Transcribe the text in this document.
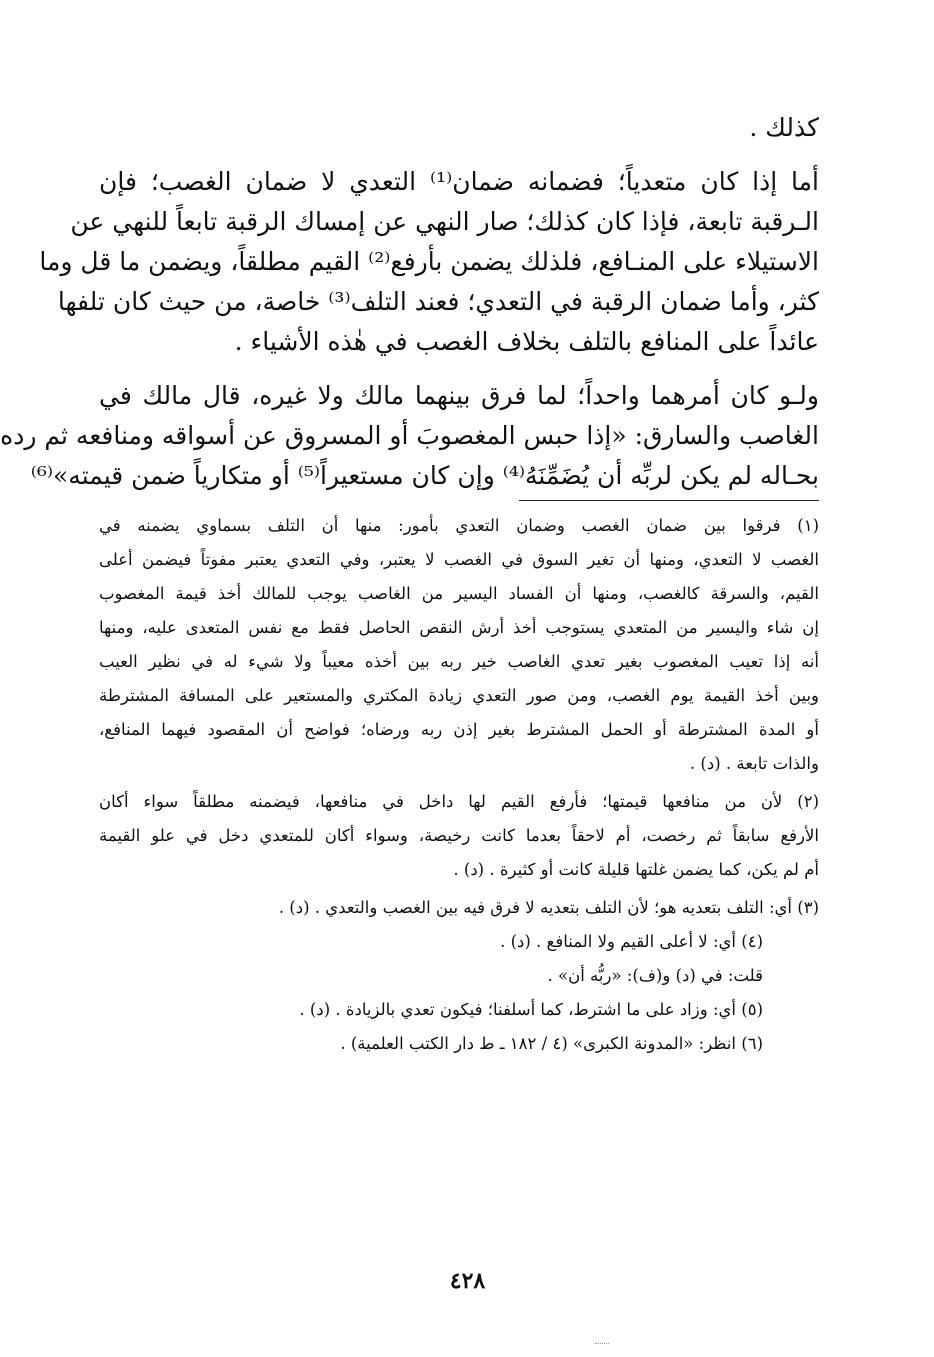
كذلك .
أما إذا كان متعدياً؛ فضمانه ضمان⁽¹⁾ التعدي لا ضمان الغصب؛ فإن
الـرقبة تابعة، فإذا كان كذلك؛ صار النهي عن إمساك الرقبة تابعاً للنهي عن
الاستيلاء على المنـافع، فلذلك يضمن بأرفع⁽²⁾ القيم مطلقاً، ويضمن ما قل وما
كثر، وأما ضمان الرقبة في التعدي؛ فعند التلف⁽³⁾ خاصة، من حيث كان تلفها
عائداً على المنافع بالتلف بخلاف الغصب في هٰذه الأشياء .
ولـو كان أمرهما واحداً؛ لما فرق بينهما مالك ولا غيره، قال مالك في
الغاصب والسارق: «إذا حبس المغصوبَ أو المسروق عن أسواقه ومنافعه ثم رده
بحـاله لم يكن لربِّه أن يُضَمِّنَهُ⁽⁴⁾ وإن كان مستعيراً⁽⁵⁾ أو متكارياً ضمن قيمته»⁽⁶⁾
(١) فرقوا بين ضمان الغصب وضمان التعدي بأمور: منها أن التلف بسماوي يضمنه في
الغصب لا التعدي، ومنها أن تغير السوق في الغصب لا يعتبر، وفي التعدي يعتبر مفوتاً فيضمن أعلى
القيم، والسرقة كالغصب، ومنها أن الفساد اليسير من الغاصب يوجب للمالك أخذ قيمة المغصوب
إن شاء واليسير من المتعدي يستوجب أخذ أرش النقص الحاصل فقط مع نفس المتعدى عليه، ومنها
أنه إذا تعيب المغصوب بغير تعدي الغاصب خير ربه بين أخذه معيباً ولا شيء له في نظير العيب
وبين أخذ القيمة يوم الغصب، ومن صور التعدي زيادة المكتري والمستعير على المسافة المشترطة
أو المدة المشترطة أو الحمل المشترط بغير إذن ربه ورضاه؛ فواضح أن المقصود فيهما المنافع،
والذات تابعة . (د) .
(٢) لأن من منافعها قيمتها؛ فأرفع القيم لها داخل في منافعها، فيضمنه مطلقاً سواء أكان
الأرفع سابقاً ثم رخصت، أم لاحقاً بعدما كانت رخيصة، وسواء أكان للمتعدي دخل في علو القيمة
أم لم يكن، كما يضمن غلتها قليلة كانت أو كثيرة . (د) .
(٣) أي: التلف بتعديه هو؛ لأن التلف بتعديه لا فرق فيه بين الغصب والتعدي . (د) .
(٤) أي: لا أعلى القيم ولا المنافع . (د) .
قلت: في (د) و(ف): «ربُّه أن» .
(٥) أي: وزاد على ما اشترط، كما أسلفنا؛ فيكون تعدي بالزيادة . (د) .
(٦) انظر: «المدونة الكبرى» (٤ / ١٨٢ ـ ط دار الكتب العلمية) .
٤٢٨
